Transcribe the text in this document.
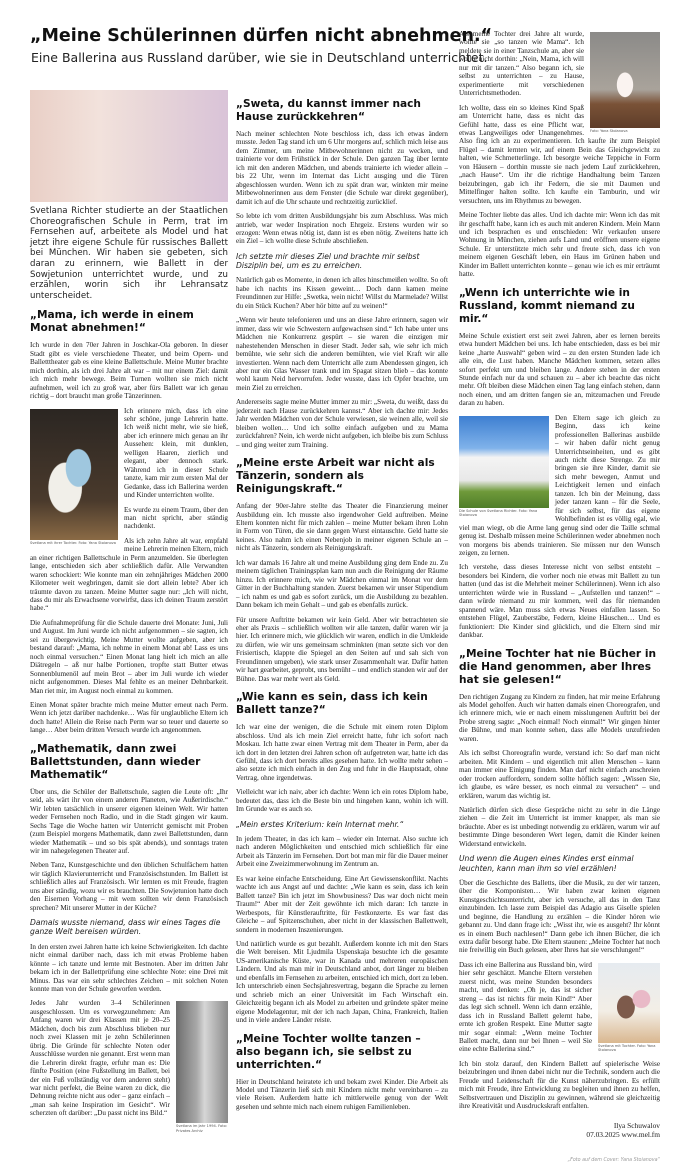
„Meine Schülerinnen dürfen nicht abnehmen.“

Eine Ballerina aus Russland darüber, wie sie in Deutschland unterrichtet.

Svetlana Richter studierte an der Staatlichen Choreografischen Schule in Perm, trat im Fernsehen auf, arbeitete als Model und hat jetzt ihre eigene Schule für russisches Ballett bei München. Wir haben sie gebeten, sich daran zu erinnern, wie Ballett in der Sowjetunion unterrichtet wurde, und zu erzählen, worin sich ihr Lehransatz unterscheidet.

„Mama, ich werde in einem Monat abnehmen!“

Ich wurde in den 70er Jahren in Joschkar-Ola geboren. In dieser Stadt gibt es viele verschiedene Theater, und beim Opern- und Balletttheater gab es eine kleine Ballettschule. Meine Mutter brachte mich dorthin, als ich drei Jahre alt war – mit nur einem Ziel: damit ich mich mehr bewege. Beim Turnen wollten sie mich nicht aufnehmen, weil ich zu groß war, aber fürs Ballett war ich genau richtig – dort braucht man große Tänzerinnen.

Svetlana mit ihrer Tochter. Foto: Yana Stoianova

Ich erinnere mich, dass ich eine sehr schöne, junge Lehrerin hatte. Ich weiß nicht mehr, wie sie hieß, aber ich erinnere mich genau an ihr Aussehen: klein, mit dunklen, welligen Haaren, zierlich und elegant, aber dennoch stark. Während ich in dieser Schule tanzte, kam mir zum ersten Mal der Gedanke, dass ich Ballerina werden und Kinder unterrichten wollte.

Es wurde zu einem Traum, über den man nicht spricht, aber ständig nachdenkt.

Als ich zehn Jahre alt war, empfahl meine Lehrerin meinen Eltern, mich an einer richtigen Ballettschule in Perm anzumelden. Sie überlegten lange, entschieden sich aber schließlich dafür. Alle Verwandten waren schockiert: Wie konnte man ein zehnjähriges Mädchen 2000 Kilometer weit wegbringen, damit sie dort allein lebte? Aber ich träumte davon zu tanzen. Meine Mutter sagte nur: „Ich will nicht, dass du mir als Erwachsene vorwirfst, dass ich deinen Traum zerstört habe.“

Die Aufnahmeprüfung für die Schule dauerte drei Monate: Juni, Juli und August. Im Juni wurde ich nicht aufgenommen – sie sagten, ich sei zu übergewichtig. Meine Mutter wollte aufgeben, aber ich bestand darauf: „Mama, ich nehme in einem Monat ab! Lass es uns noch einmal versuchen.“ Einen Monat lang hielt ich mich an alle Diätregeln – aß nur halbe Portionen, tropfte statt Butter etwas Sonnenblumenöl auf mein Brot – aber im Juli wurde ich wieder nicht aufgenommen. Dieses Mal fehlte es an meiner Dehnbarkeit. Man riet mir, im August noch einmal zu kommen.

Einen Monat später brachte mich meine Mutter erneut nach Perm. Wenn ich jetzt darüber nachdenke… Was für unglaubliche Eltern ich doch hatte! Allein die Reise nach Perm war so teuer und dauerte so lange… Aber beim dritten Versuch wurde ich angenommen.

„Mathematik, dann zwei Ballettstunden, dann wieder Mathematik“

Über uns, die Schüler der Ballettschule, sagten die Leute oft: „Ihr seid, als wärt ihr von einem anderen Planeten, wie Außerirdische.“ Wir lebten tatsächlich in unserer eigenen kleinen Welt. Wir hatten weder Fernsehen noch Radio, und in die Stadt gingen wir kaum. Sechs Tage die Woche hatten wir Unterricht gemischt mit Proben (zum Beispiel morgens Mathematik, dann zwei Ballettstunden, dann wieder Mathematik – und so bis spät abends), und sonntags traten wir im nahegelegenen Theater auf.

Neben Tanz, Kunstgeschichte und den üblichen Schulfächern hatten wir täglich Klavierunterricht und Französischstunden. Im Ballett ist schließlich alles auf Französisch. Wir lernten es mit Freude, fragten uns aber ständig, wozu wir es brauchten. Die Sowjetunion hatte doch den Eisernen Vorhang – mit wem sollten wir denn Französisch sprechen? Mit unserer Mutter in der Küche?

Damals wusste niemand, dass wir eines Tages die ganze Welt bereisen würden.

In den ersten zwei Jahren hatte ich keine Schwierigkeiten. Ich dachte nicht einmal darüber nach, dass ich mit etwas Probleme haben könnte – ich tanzte und lernte mit Bestnoten. Aber im dritten Jahr bekam ich in der Ballettprüfung eine schlechte Note: eine Drei mit Minus. Das war ein sehr schlechtes Zeichen – mit solchen Noten konnte man von der Schule geworfen werden.

Svetlana im Jahr 1994. Foto: Privates Archiv

Jedes Jahr wurden 3–4 Schülerinnen ausgeschlossen. Um es vorwegzunehmen: Am Anfang waren wir drei Klassen mit je 20–25 Mädchen, doch bis zum Abschluss blieben nur noch zwei Klassen mit je zehn Schülerinnen übrig. Die Gründe für schlechte Noten oder Ausschlüsse wurden nie genannt. Erst wenn man die Lehrerin direkt fragte, erfuhr man es: Die fünfte Position (eine Fußstellung im Ballett, bei der ein Fuß vollständig vor dem anderen steht) war nicht perfekt, die Beine waren zu dick, die Dehnung reichte nicht aus oder – ganz einfach – „man sah keine Inspiration im Gesicht“. Wir scherzten oft darüber: „Du passt nicht ins Bild.“

„Sweta, du kannst immer nach Hause zurückkehren“

Nach meiner schlechten Note beschloss ich, dass ich etwas ändern musste. Jeden Tag stand ich um 6 Uhr morgens auf, schlich mich leise aus dem Zimmer, um meine Mitbewohnerinnen nicht zu wecken, und trainierte vor dem Frühstück in der Schule. Den ganzen Tag über lernte ich mit den anderen Mädchen, und abends trainierte ich wieder allein – bis 22 Uhr, wenn im Internat das Licht ausging und die Türen abgeschlossen wurden. Wenn ich zu spät dran war, winkten mir meine Mitbewohnerinnen aus dem Fenster (die Schule war direkt gegenüber), damit ich auf die Uhr schaute und rechtzeitig zurücklief.

So lebte ich vom dritten Ausbildungsjahr bis zum Abschluss. Was mich antrieb, war weder Inspiration noch Ehrgeiz. Erstens wurden wir so erzogen: Wenn etwas nötig ist, dann ist es eben nötig. Zweitens hatte ich ein Ziel – ich wollte diese Schule abschließen.

Ich setzte mir dieses Ziel und brachte mir selbst Disziplin bei, um es zu erreichen.

Natürlich gab es Momente, in denen ich alles hinschmeißen wollte. So oft habe ich nachts ins Kissen geweint… Doch dann kamen meine Freundinnen zur Hilfe: „Swetka, wein nicht! Willst du Marmelade? Willst du ein Stück Kuchen? Aber hör bitte auf zu weinen!“

„Wenn wir heute telefonieren und uns an diese Jahre erinnern, sagen wir immer, dass wir wie Schwestern aufgewachsen sind.“ Ich habe unter uns Mädchen nie Konkurrenz gespürt – sie waren die einzigen mir nahestehenden Menschen in dieser Stadt. Jeder sah, wie sehr ich mich bemühte, wie sehr sich die anderen bemühten, wie viel Kraft wir alle investierten. Wenn nach dem Unterricht alle zum Abendessen gingen, ich aber nur ein Glas Wasser trank und im Spagat sitzen blieb – das konnte wohl kaum Neid hervorrufen. Jeder wusste, dass ich Opfer brachte, um mein Ziel zu erreichen.

Andererseits sagte meine Mutter immer zu mir: „Sweta, du weißt, dass du jederzeit nach Hause zurückkehren kannst.“ Aber ich dachte mir: Jedes Jahr werden Mädchen von der Schule verwiesen, sie weinen alle, weil sie bleiben wollen… Und ich sollte einfach aufgeben und zu Mama zurückfahren? Nein, ich werde nicht aufgeben, ich bleibe bis zum Schluss – und ging weiter zum Training.

„Meine erste Arbeit war nicht als Tänzerin, sondern als Reinigungskraft.“

Anfang der 90er-Jahre stellte das Theater die Finanzierung meiner Ausbildung ein. Ich musste also irgendwoher Geld auftreiben. Meine Eltern konnten nicht für mich zahlen – meine Mutter bekam ihren Lohn in Form von Türen, die sie dann gegen Wurst eintauschte. Geld hatte sie keines. Also nahm ich einen Nebenjob in meiner eigenen Schule an – nicht als Tänzerin, sondern als Reinigungskraft.

Ich war damals 16 Jahre alt und meine Ausbildung ging dem Ende zu. Zu meinem täglichen Trainingsplan kam nun auch die Reinigung der Räume hinzu. Ich erinnere mich, wie wir Mädchen einmal im Monat vor dem Gitter in der Buchhaltung standen. Zuerst bekamen wir unser Stipendium – ich nahm es und gab es sofort zurück, um die Ausbildung zu bezahlen. Dann bekam ich mein Gehalt – und gab es ebenfalls zurück.

Für unsere Auftritte bekamen wir kein Geld. Aber wir betrachteten sie eher als Praxis – schließlich wollten wir alle tanzen, dafür waren wir ja hier. Ich erinnere mich, wie glücklich wir waren, endlich in die Umkleide zu dürfen, wie wir uns gemeinsam schminkten (man setzte sich vor den Frisiertisch, klappte die Spiegel an den Seiten auf und sah sich von Freundinnen umgeben), wie stark unser Zusammenhalt war. Dafür hatten wir hart gearbeitet, geprobt, uns bemüht – und endlich standen wir auf der Bühne. Das war mehr wert als Geld.

„Wie kann es sein, dass ich kein Ballett tanze?“

Ich war eine der wenigen, die die Schule mit einem roten Diplom abschloss. Und als ich mein Ziel erreicht hatte, fuhr ich sofort nach Moskau. Ich hatte zwar einen Vertrag mit dem Theater in Perm, aber da ich dort in den letzten drei Jahren schon oft aufgetreten war, hatte ich das Gefühl, dass ich dort bereits alles gesehen hatte. Ich wollte mehr sehen – also setzte ich mich einfach in den Zug und fuhr in die Hauptstadt, ohne Vertrag, ohne irgendetwas.

Vielleicht war ich naiv, aber ich dachte: Wenn ich ein rotes Diplom habe, bedeutet das, dass ich die Beste bin und hingehen kann, wohin ich will. Im Grunde war es auch so.

„Mein erstes Kriterium: kein Internat mehr.“

In jedem Theater, in das ich kam – wieder ein Internat. Also suchte ich nach anderen Möglichkeiten und entschied mich schließlich für eine Arbeit als Tänzerin im Fernsehen. Dort bot man mir für die Dauer meiner Arbeit eine Zweizimmerwohnung im Zentrum an.

Es war keine einfache Entscheidung. Eine Art Gewissenskonflikt. Nachts wachte ich aus Angst auf und dachte: „Wie kann es sein, dass ich kein Ballett tanze? Bin ich jetzt im Showbusiness? Das war doch nicht mein Traum!“ Aber mit der Zeit gewöhnte ich mich daran: Ich tanzte in Werbespots, für Künstlerauftritte, für Festkonzerte. Es war fast das Gleiche – auf Spitzenschuhen, aber nicht in der klassischen Ballettwelt, sondern in modernen Inszenierungen.

Und natürlich wurde es gut bezahlt. Außerdem konnte ich mit den Stars die Welt bereisen. Mit Ljudmila Uspenskaja besuchte ich die gesamte US-amerikanische Küste, war in Kanada und mehreren europäischen Ländern. Und als man mir in Deutschland anbot, dort länger zu bleiben und ebenfalls im Fernsehen zu arbeiten, entschied ich mich, dort zu leben. Ich unterschrieb einen Sechsjahresvertrag, begann die Sprache zu lernen und schrieb mich an einer Universität im Fach Wirtschaft ein. Gleichzeitig begann ich als Model zu arbeiten und gründete später meine eigene Modelagentur, mit der ich nach Japan, China, Frankreich, Italien und in viele andere Länder reiste.

„Meine Tochter wollte tanzen – also begann ich, sie selbst zu unterrichten.“

Hier in Deutschland heiratete ich und bekam zwei Kinder. Die Arbeit als Model und Tänzerin ließ sich mit Kindern nicht mehr vereinbaren – zu viele Reisen. Außerdem hatte ich mittlerweile genug von der Welt gesehen und sehnte mich nach einem ruhigen Familienleben.

Foto: Yana Stoianova

Als meine Tochter drei Jahre alt wurde, wollte sie „so tanzen wie Mama“. Ich meldete sie in einer Tanzschule an, aber sie wollte nicht dorthin: „Nein, Mama, ich will nur mit dir tanzen.“ Also begann ich, sie selbst zu unterrichten – zu Hause, experimentierte mit verschiedenen Unterrichtsmethoden.

Ich wollte, dass ein so kleines Kind Spaß am Unterricht hatte, dass es nicht das Gefühl hatte, dass es eine Pflicht war, etwas Langweiliges oder Unangenehmes. Also fing ich an zu experimentieren. Ich kaufte ihr zum Beispiel Flügel – damit lernten wir, auf einem Bein das Gleichgewicht zu halten, wie Schmetterlinge. Ich besorgte weiche Teppiche in Form von Häusern – dorthin musste sie nach jedem Lauf zurückkehren, „nach Hause“. Um ihr die richtige Handhaltung beim Tanzen beizubringen, gab ich ihr Federn, die sie mit Daumen und Mittelfinger halten sollte. Ich kaufte ein Tamburin, und wir versuchten, uns im Rhythmus zu bewegen.

Meine Tochter liebte das alles. Und ich dachte mir: Wenn ich das mit ihr geschafft habe, kann ich es auch mit anderen Kindern. Mein Mann und ich besprachen es und entschieden: Wir verkaufen unsere Wohnung in München, ziehen aufs Land und eröffnen unsere eigene Schule. Er unterstützte mich sehr und freute sich, dass ich von meinem eigenen Geschäft leben, ein Haus im Grünen haben und Kinder im Ballett unterrichten konnte – genau wie ich es mir erträumt hatte.

„Wenn ich unterrichte wie in Russland, kommt niemand zu mir.“

Meine Schule existiert erst seit zwei Jahren, aber es lernen bereits etwa hundert Mädchen bei uns. Ich habe entschieden, dass es bei mir keine „harte Auswahl“ geben wird – zu den ersten Stunden lade ich alle ein, die Lust haben. Manche Mädchen kommen, setzen alles sofort perfekt um und bleiben lange. Andere stehen in der ersten Stunde einfach nur da und schauen zu – aber ich beachte das nicht mehr. Oft bleiben diese Mädchen einen Tag lang einfach stehen, dann noch einen, und am dritten fangen sie an, mitzumachen und Freude daran zu haben.

Die Schule von Svetlana Richter. Foto: Yana Stoianova

Den Eltern sage ich gleich zu Beginn, dass ich keine professionellen Ballerinas ausbilde – wir haben dafür nicht genug Unterrichtseinheiten, und es gibt auch nicht diese Strenge. Zu mir bringen sie ihre Kinder, damit sie sich mehr bewegen, Anmut und Leichtigkeit lernen und einfach tanzen. Ich bin der Meinung, dass jeder tanzen kann – für die Seele, für sich selbst, für das eigene Wohlbefinden ist es völlig egal, wie viel man wiegt, ob die Arme lang genug sind oder die Taille schmal genug ist. Deshalb müssen meine Schülerinnen weder abnehmen noch von morgens bis abends trainieren. Sie müssen nur den Wunsch zeigen, zu lernen.

Ich verstehe, dass dieses Interesse nicht von selbst entsteht – besonders bei Kindern, die vorher noch nie etwas mit Ballett zu tun hatten (und das ist die Mehrheit meiner Schülerinnen). Wenn ich also unterrichten würde wie in Russland – „Aufstellen und tanzen!“ – dann würde niemand zu mir kommen, weil das für niemanden spannend wäre. Man muss sich etwas Neues einfallen lassen. So entstehen Flügel, Zauberstäbe, Federn, kleine Häuschen… Und es funktioniert: Die Kinder sind glücklich, und die Eltern sind mir dankbar.

„Meine Tochter hat nie Bücher in die Hand genommen, aber Ihres hat sie gelesen!“

Den richtigen Zugang zu Kindern zu finden, hat mir meine Erfahrung als Model geholfen. Auch wir hatten damals einen Choreografen, und ich erinnere mich, wie er nach einem misslungenen Auftritt bei der Probe streng sagte: „Noch einmal! Noch einmal!“ Wir gingen hinter die Bühne, und man konnte sehen, dass alle Models unzufrieden waren.

Als ich selbst Choreografin wurde, verstand ich: So darf man nicht arbeiten. Mit Kindern – und eigentlich mit allen Menschen – kann man immer eine Einigung finden. Man darf nicht einfach anschreien oder trocken auffordern, sondern sollte höflich sagen: „Wissen Sie, ich glaube, es wäre besser, es noch einmal zu versuchen“ – und erklären, warum das wichtig ist.

Natürlich dürfen sich diese Gespräche nicht zu sehr in die Länge ziehen – die Zeit im Unterricht ist immer knapper, als man sie bräuchte. Aber es ist unbedingt notwendig zu erklären, warum wir auf bestimmte Dinge besonderen Wert legen, damit die Kinder keinen Widerstand entwickeln.

Und wenn die Augen eines Kindes erst einmal leuchten, kann man ihm so viel erzählen!

Über die Geschichte des Balletts, über die Musik, zu der wir tanzen, über die Komponisten… Wir haben zwar keinen eigenen Kunstgeschichtsunterricht, aber ich versuche, all das in den Tanz einzubinden. Ich lasse zum Beispiel das Adagio aus Giselle spielen und beginne, die Handlung zu erzählen – die Kinder hören wie gebannt zu. Und dann frage ich: „Wisst ihr, wie es ausgeht? Ihr könnt es in einem Buch nachlesen!“ Dann gebe ich ihnen Bücher, die ich extra dafür besorgt habe. Die Eltern staunen: „Meine Tochter hat noch nie freiwillig ein Buch gelesen, aber Ihres hat sie verschlungen!“

Svetlana mit Tochter. Foto: Yana Stoianova

Dass ich eine Ballerina aus Russland bin, wird hier sehr geschätzt. Manche Eltern verstehen zuerst nicht, was meine Stunden besonders macht, und denken: „Oh je, das ist sicher streng – das ist nichts für mein Kind!“ Aber das legt sich schnell. Wenn ich dann erzähle, dass ich in Russland Ballett gelernt habe, ernte ich großen Respekt. Eine Mutter sagte mir sogar einmal: „Wenn meine Tochter Ballett macht, dann nur bei Ihnen – weil Sie eine echte Ballerina sind.“

Ich bin stolz darauf, den Kindern Ballett auf spielerische Weise beizubringen und ihnen dabei nicht nur die Technik, sondern auch die Freude und Leidenschaft für die Kunst näherzubringen. Es erfüllt mich mit Freude, ihre Entwicklung zu begleiten und ihnen zu helfen, Selbstvertrauen und Disziplin zu gewinnen, während sie gleichzeitig ihre Kreativität und Ausdruckskraft entfalten.

Ilya Schuwalov
07.03.2025 www.mel.fm
„Foto auf dem Cover: Yana Stoianova“
